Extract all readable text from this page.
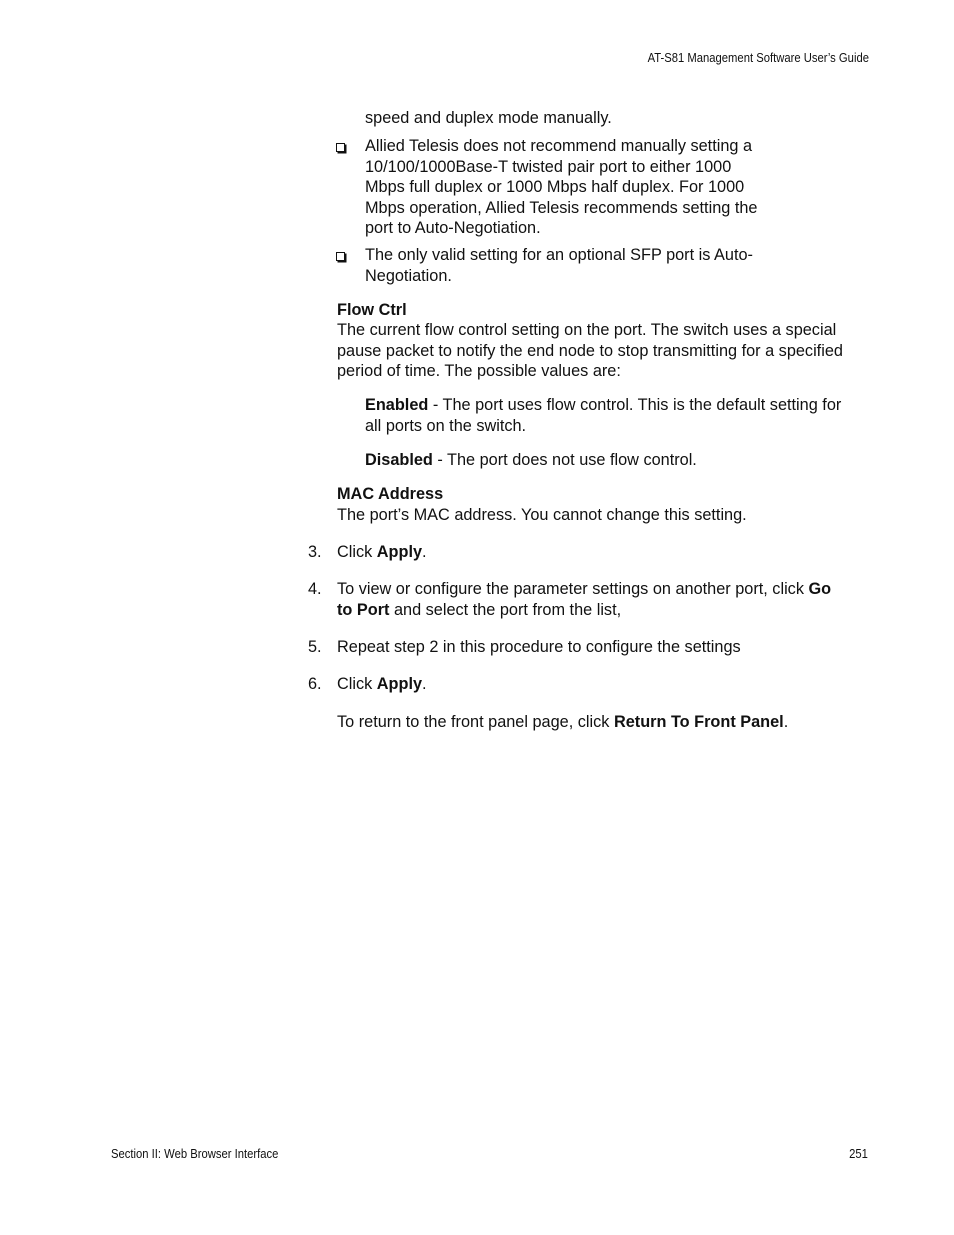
AT-S81 Management Software User’s Guide
speed and duplex mode manually.
Allied Telesis does not recommend manually setting a
10/100/1000Base-T twisted pair port to either 1000
Mbps full duplex or 1000 Mbps half duplex. For 1000
Mbps operation, Allied Telesis recommends setting the
port to Auto-Negotiation.
The only valid setting for an optional SFP port is Auto-
Negotiation.
Flow Ctrl
The current flow control setting on the port. The switch uses a special
pause packet to notify the end node to stop transmitting for a specified
period of time. The possible values are:
Enabled - The port uses flow control. This is the default setting for
all ports on the switch.
Disabled - The port does not use flow control.
MAC Address
The port’s MAC address. You cannot change this setting.
3. Click Apply.
4. To view or configure the parameter settings on another port, click Go
to Port and select the port from the list,
5. Repeat step 2 in this procedure to configure the settings
6. Click Apply.
To return to the front panel page, click Return To Front Panel.
Section II: Web Browser Interface	251
